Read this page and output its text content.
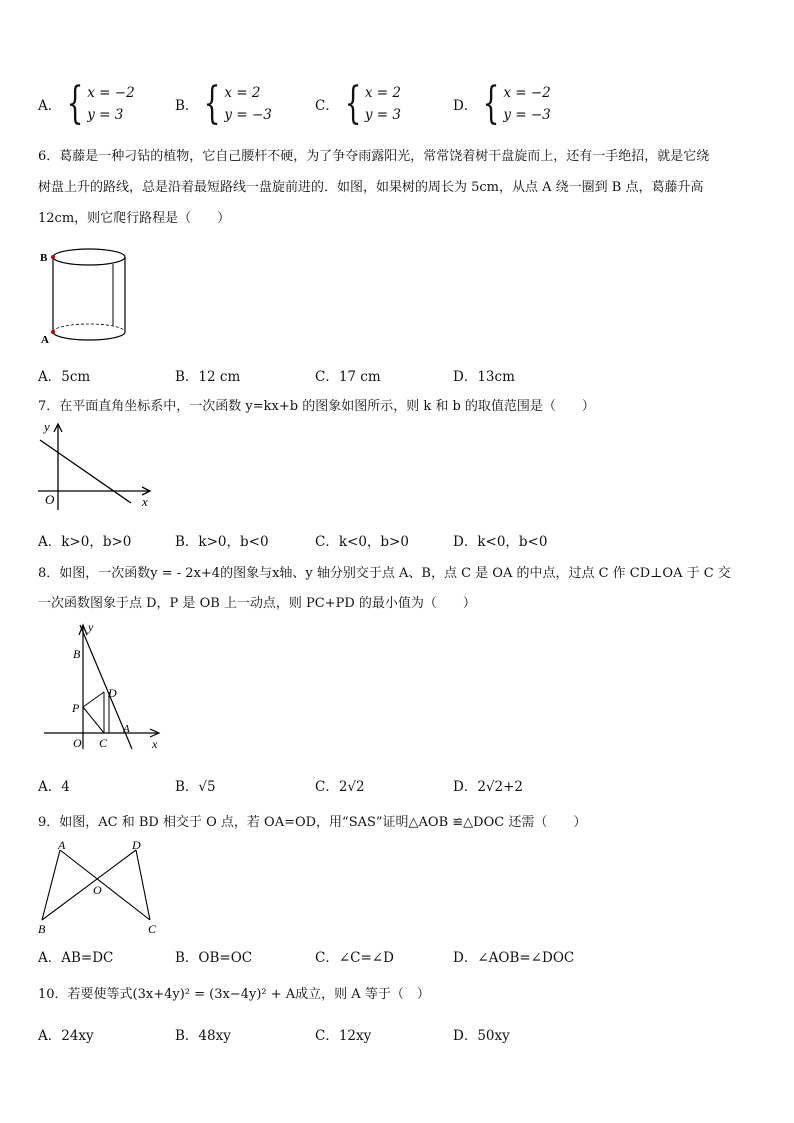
A． { x = −2
y = 3
B． { x = 2
y = −3
C． { x = 2
y = 3
D． { x = −2
y = −3
6．葛藤是一种刁钻的植物，它自己腰杆不硬，为了争夺雨露阳光，常常饶着树干盘旋而上，还有一手绝招，就是它绕
树盘上升的路线，总是沿着最短路线一盘旋前进的．如图，如果树的周长为 5cm，从点 A 绕一圈到 B 点，葛藤升高
12cm，则它爬行路程是（　　）
B
A
A．5cm	B．12 cm	C．17 cm	D．13cm
7．在平面直角坐标系中，一次函数 y=kx+b 的图象如图所示，则 k 和 b 的取值范围是（　　）
y
x
O
A．k>0，b>0	B．k>0，b<0	C．k<0，b>0	D．k<0，b<0
8．如图，一次函数y = - 2x+4的图象与x轴、y 轴分别交于点 A、B，点 C 是 OA 的中点，过点 C 作 CD⊥OA 于 C 交
一次函数图象于点 D，P 是 OB 上一动点，则 PC+PD 的最小值为（　　）
y
x
B
D
P
A
O C
A．4	B．√5	C．2√2	D．2√2+2
9．如图，AC 和 BD 相交于 O 点，若 OA=OD，用“SAS”证明△AOB ≌△DOC 还需（　　）
A	D
O
B	C
A．AB=DC	B．OB=OC	C．∠C=∠D	D．∠AOB=∠DOC
10．若要使等式(3x+4y)² = (3x−4y)² + A成立，则 A 等于（　）
A．24xy	B．48xy	C．12xy	D．50xy
